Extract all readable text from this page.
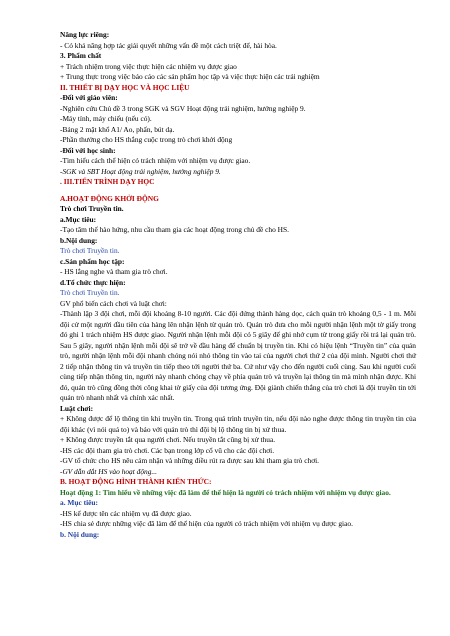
Năng lực riêng:

- Có khả năng hợp tác giải quyết những vấn đề một cách triệt để, hài hòa.

3. Phẩm chất

+ Trách nhiệm trong việc thực hiện các nhiệm vụ được giao

+ Trung thực trong việc báo cáo các sản phẩm học tập và việc thực hiện các trải nghiệm

II. THIẾT BỊ DẠY HỌC VÀ HỌC LIỆU

-Đối với giáo viên:

-Nghiên cứu Chủ đề 3 trong SGK và SGV Hoạt động trải nghiệm, hướng nghiệp 9.

-Máy tính, máy chiếu (nếu có).

-Bảng 2 mặt khổ A1/ Ao, phấn, bút dạ.

-Phần thưởng cho HS thắng cuộc trong trò chơi khởi động

-Đối với học sinh:

-Tìm hiểu cách thể hiện có trách nhiệm với nhiệm vụ được giao.

-SGK và SBT Hoạt động trải nghiệm, hướng nghiệp 9.

. III.TIẾN TRÌNH DẠY HỌC

A.HOẠT ĐỘNG KHỞI ĐỘNG

Trò chơi Truyền tin.

a.Mục tiêu:

-Tạo tâm thế hào hứng, nhu cầu tham gia các hoạt động trong chủ đề cho HS.

b.Nội dung:

Trò chơi Truyền tin.

c.Sản phẩm học tập:

- HS lắng nghe và tham gia trò chơi.

d.Tổ chức thực hiện:

Trò chơi Truyền tin.

GV phổ biến cách chơi và luật chơi:

-Thành lập 3 đội chơi, mỗi đội khoảng 8-10 người. Các đội đứng thành hàng dọc, cách quản trò khoảng 0,5 - 1 m. Mỗi đội cử một người đầu tiên của hàng lên nhận lệnh từ quản trò. Quản trò đưa cho mỗi người nhận lệnh một tờ giấy trong đó ghi 1 trách nhiệm HS được giao. Người nhận lệnh mỗi đội có 5 giây để ghi nhớ cụm từ trong giấy rồi trả lại quản trò. Sau 5 giây, người nhận lệnh mỗi đội sẽ trở về đầu hàng để chuẩn bị truyền tin. Khi có hiệu lệnh “Truyền tin” của quản trò, người nhận lệnh mỗi đội nhanh chóng nói nhỏ thông tin vào tai của người chơi thứ 2 của đội mình. Người chơi thứ 2 tiếp nhận thông tin và truyền tin tiếp theo tới người thứ ba. Cứ như vậy cho đến người cuối cùng. Sau khi người cuối cùng tiếp nhận thông tin, người này nhanh chóng chạy về phía quản trò và truyền lại thông tin mà mình nhận được. Khi đó, quản trò cũng đồng thời công khai tờ giấy của đội tương ứng. Đội giành chiến thắng của trò chơi là đội truyền tin tới quản trò nhanh nhất và chính xác nhất.

Luật chơi:

+ Không được để lộ thông tin khi truyền tin. Trong quá trình truyền tin, nếu đội nào nghe được thông tin truyền tin của đội khác (vì nói quá to) và báo với quản trò thì đội bị lộ thông tin bị xử thua.

+ Không được truyền tắt qua người chơi. Nếu truyền tắt cũng bị xử thua.

-HS các đội tham gia trò chơi. Các bạn trong lớp cổ vũ cho các đội chơi.

-GV tổ chức cho HS nêu cảm nhận và những điều rút ra được sau khi tham gia trò chơi.

-GV dẫn dắt HS vào hoạt động...

B. HOẠT ĐỘNG HÌNH THÀNH KIẾN THỨC:

Hoạt động 1: Tìm hiểu về những việc đã làm để thể hiện là người có trách nhiệm với nhiệm vụ được giao.

a. Mục tiêu:

-HS kể được tên các nhiệm vụ đã được giao.

-HS chia sẻ được những việc đã làm để thể hiện của người có trách nhiệm với nhiệm vụ được giao.

b. Nội dung:
